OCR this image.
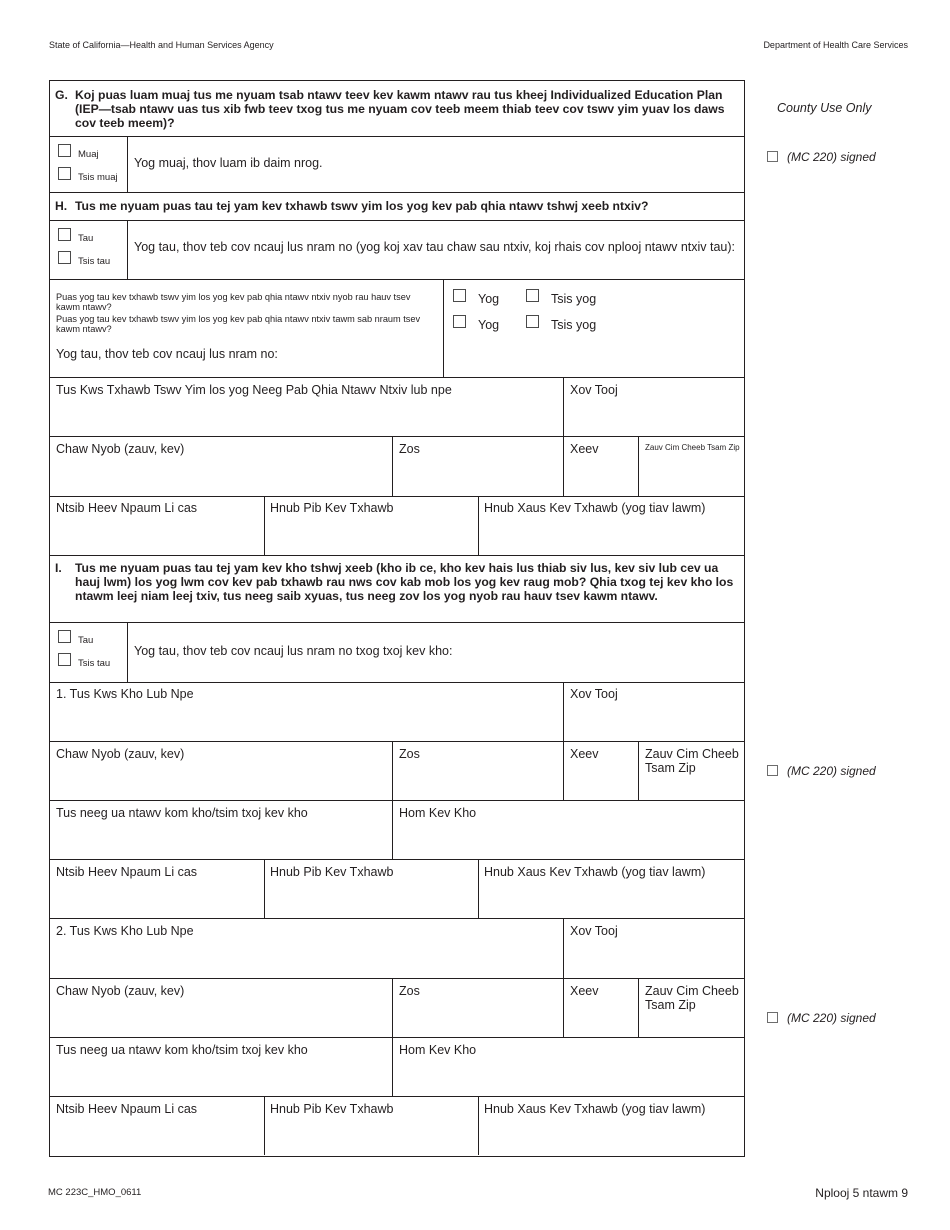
State of California—Health and Human Services Agency	Department of Health Care Services
County Use Only
(MC 220) signed
(MC 220) signed
(MC 220) signed
G. Koj puas luam muaj tus me nyuam tsab ntawv teev kev kawm ntawv rau tus kheej Individualized Education Plan (IEP—tsab ntawv uas tus xib fwb teev txog tus me nyuam cov teeb meem thiab teev cov tswv yim yuav los daws cov teeb meem)?
Muaj
Tsis muaj
Yog muaj, thov luam ib daim nrog.
H. Tus me nyuam puas tau tej yam kev txhawb tswv yim los yog kev pab qhia ntawv tshwj xeeb ntxiv?
Tau
Tsis tau
Yog tau, thov teb cov ncauj lus nram no (yog koj xav tau chaw sau ntxiv, koj rhais cov nplooj ntawv ntxiv tau):
Puas yog tau kev txhawb tswv yim los yog kev pab qhia ntawv ntxiv nyob rau hauv tsev kawm ntawv?
Puas yog tau kev txhawb tswv yim los yog kev pab qhia ntawv ntxiv tawm sab nraum tsev kawm ntawv?
Yog tau, thov teb cov ncauj lus nram no:
Yog	Tsis yog
Yog	Tsis yog
Tus Kws Txhawb Tswv Yim los yog Neeg Pab Qhia Ntawv Ntxiv lub npe	Xov Tooj
Chaw Nyob (zauv, kev)	Zos	Xeev	Zauv Cim Cheeb Tsam Zip
Ntsib Heev Npaum Li cas	Hnub Pib Kev Txhawb	Hnub Xaus Kev Txhawb (yog tiav lawm)
I. Tus me nyuam puas tau tej yam kev kho tshwj xeeb (kho ib ce, kho kev hais lus thiab siv lus, kev siv lub cev ua hauj lwm) los yog lwm cov kev pab txhawb rau nws cov kab mob los yog kev raug mob? Qhia txog tej kev kho los ntawm leej niam leej txiv, tus neeg saib xyuas, tus neeg zov los yog nyob rau hauv tsev kawm ntawv.
Tau
Tsis tau
Yog tau, thov teb cov ncauj lus nram no txog txoj kev kho:
1. Tus Kws Kho Lub Npe	Xov Tooj
Chaw Nyob (zauv, kev)	Zos	Xeev	Zauv Cim Cheeb Tsam Zip
Tus neeg ua ntawv kom kho/tsim txoj kev kho	Hom Kev Kho
Ntsib Heev Npaum Li cas	Hnub Pib Kev Txhawb	Hnub Xaus Kev Txhawb (yog tiav lawm)
2. Tus Kws Kho Lub Npe	Xov Tooj
Chaw Nyob (zauv, kev)	Zos	Xeev	Zauv Cim Cheeb Tsam Zip
Tus neeg ua ntawv kom kho/tsim txoj kev kho	Hom Kev Kho
Ntsib Heev Npaum Li cas	Hnub Pib Kev Txhawb	Hnub Xaus Kev Txhawb (yog tiav lawm)
MC 223C_HMO_0611	Nplooj 5 ntawm 9
